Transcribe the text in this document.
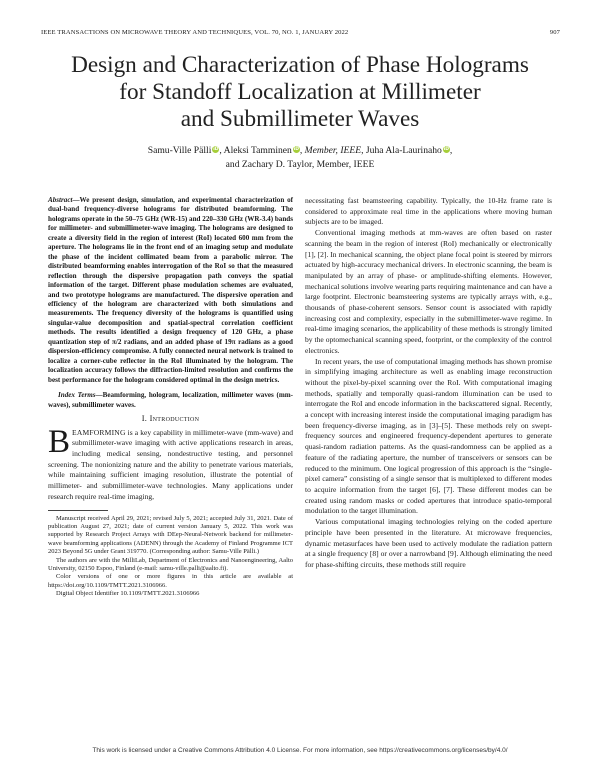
IEEE TRANSACTIONS ON MICROWAVE THEORY AND TECHNIQUES, VOL. 70, NO. 1, JANUARY 2022	907
Design and Characterization of Phase Holograms
for Standoff Localization at Millimeter
and Submillimeter Waves
Samu-Ville Pälli iD, Aleksi Tamminen iD, Member, IEEE, Juha Ala-Laurinaho iD,
and Zachary D. Taylor, Member, IEEE
Abstract—We present design, simulation, and experimental characterization of dual-band frequency-diverse holograms for distributed beamforming. The holograms operate in the 50–75 GHz (WR-15) and 220–330 GHz (WR-3.4) bands for millimeter- and submillimeter-wave imaging. The holograms are designed to create a diversity field in the region of interest (RoI) located 600 mm from the aperture. The holograms lie in the front end of an imaging setup and modulate the phase of the incident collimated beam from a parabolic mirror. The distributed beamforming enables interrogation of the RoI so that the measured reflection through the dispersive propagation path conveys the spatial information of the target. Different phase modulation schemes are evaluated, and two prototype holograms are manufactured. The dispersive operation and efficiency of the hologram are characterized with both simulations and measurements. The frequency diversity of the holograms is quantified using singular-value decomposition and spatial-spectral correlation coefficient methods. The results identified a design frequency of 120 GHz, a phase quantization step of π/2 radians, and an added phase of 19π radians as a good dispersion-efficiency compromise. A fully connected neural network is trained to localize a corner-cube reflector in the RoI illuminated by the hologram. The localization accuracy follows the diffraction-limited resolution and confirms the best performance for the hologram considered optimal in the design metrics.
Index Terms—Beamforming, hologram, localization, millimeter waves (mm-waves), submillimeter waves.
I. Introduction

BEAMFORMING is a key capability in millimeter-wave (mm-wave) and submillimeter-wave imaging with active applications research in areas, including medical sensing, nondestructive testing, and personnel screening. The nonionizing nature and the ability to penetrate various materials, while maintaining sufficient imaging resolution, illustrate the potential of millimeter- and submillimeter-wave technologies. Many applications under research require real-time imaging,

Manuscript received April 29, 2021; revised July 5, 2021; accepted July 31, 2021. Date of publication August 27, 2021; date of current version January 5, 2022. This work was supported by Research Project Arrays with DEep-Neural-Network backend for millimeter-wave beamforming applications (ADENN) through the Academy of Finland Programme ICT 2023 Beyond 5G under Grant 319770. (Corresponding author: Samu-Ville Pälli.)

The authors are with the MilliLab, Department of Electronics and Nanoengineering, Aalto University, 02150 Espoo, Finland (e-mail: samu-ville.palli@aalto.fi).

Color versions of one or more figures in this article are available at https://doi.org/10.1109/TMTT.2021.3106966.

Digital Object Identifier 10.1109/TMTT.2021.3106966

necessitating fast beamsteering capability. Typically, the 10-Hz frame rate is considered to approximate real time in the applications where moving human subjects are to be imaged.

Conventional imaging methods at mm-waves are often based on raster scanning the beam in the region of interest (RoI) mechanically or electronically [1], [2]. In mechanical scanning, the object plane focal point is steered by mirrors actuated by high-accuracy mechanical drivers. In electronic scanning, the beam is manipulated by an array of phase- or amplitude-shifting elements. However, mechanical solutions involve wearing parts requiring maintenance and can have a large footprint. Electronic beamsteering systems are typically arrays with, e.g., thousands of phase-coherent sensors. Sensor count is associated with rapidly increasing cost and complexity, especially in the submillimeter-wave regime. In real-time imaging scenarios, the applicability of these methods is strongly limited by the optomechanical scanning speed, footprint, or the complexity of the control electronics.

In recent years, the use of computational imaging methods has shown promise in simplifying imaging architecture as well as enabling image reconstruction without the pixel-by-pixel scanning over the RoI. With computational imaging methods, spatially and temporally quasi-random illumination can be used to interrogate the RoI and encode information in the backscattered signal. Recently, a concept with increasing interest inside the computational imaging paradigm has been frequency-diverse imaging, as in [3]–[5]. These methods rely on swept-frequency sources and engineered frequency-dependent apertures to generate quasi-random radiation patterns. As the quasi-randomness can be applied as a feature of the radiating aperture, the number of transceivers or sensors can be reduced to the minimum. One logical progression of this approach is the “single-pixel camera” consisting of a single sensor that is multiplexed to different modes to acquire information from the target [6], [7]. These different modes can be created using random masks or coded apertures that introduce spatio-temporal modulation to the target illumination.

Various computational imaging technologies relying on the coded aperture principle have been presented in the literature. At microwave frequencies, dynamic metasurfaces have been used to actively modulate the radiation pattern at a single frequency [8] or over a narrowband [9]. Although eliminating the need for phase-shifting circuits, these methods still require

This work is licensed under a Creative Commons Attribution 4.0 License. For more information, see https://creativecommons.org/licenses/by/4.0/
